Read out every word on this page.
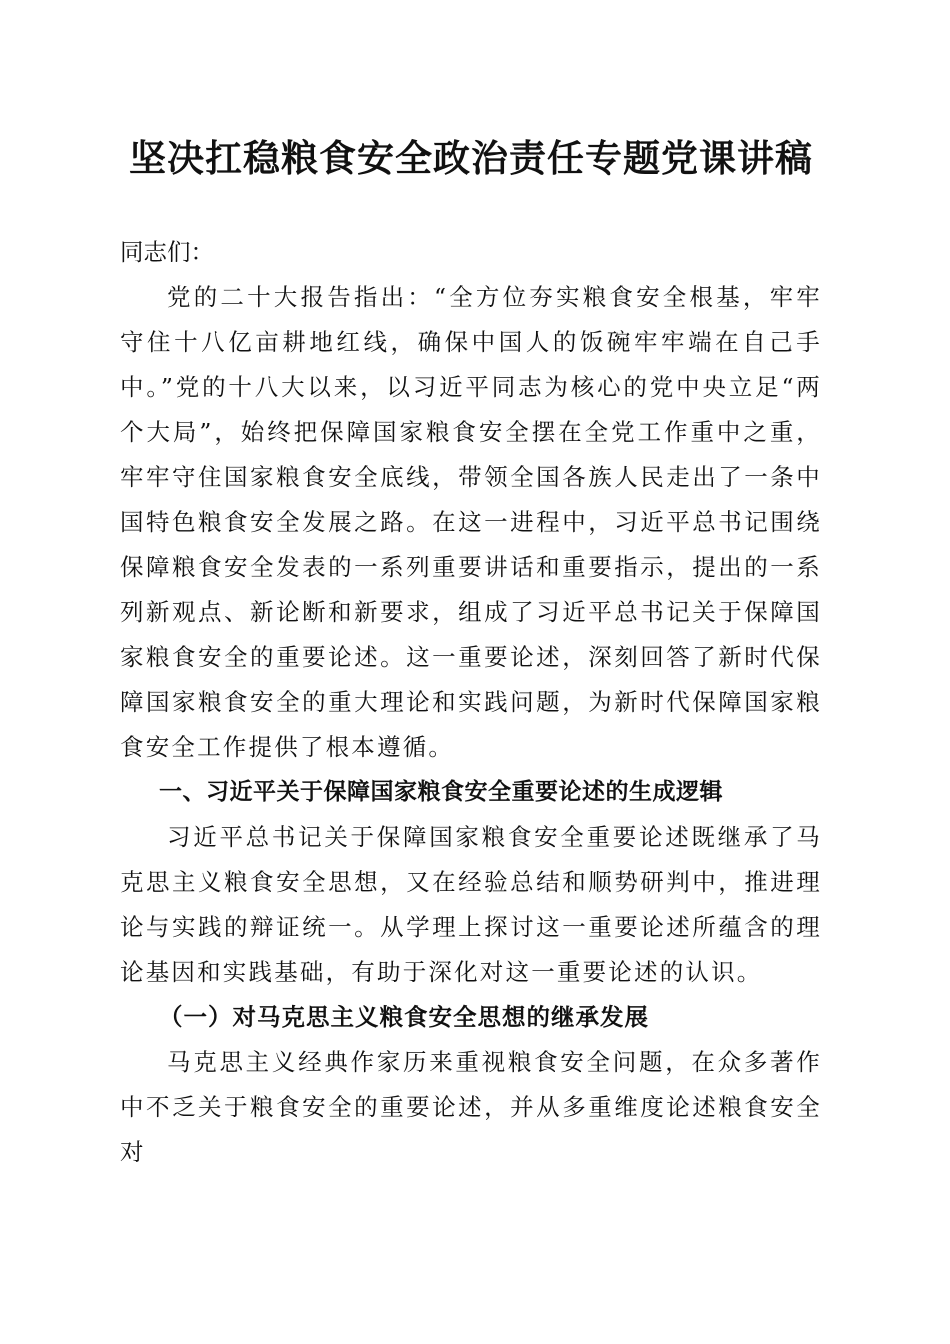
坚决扛稳粮食安全政治责任专题党课讲稿

同志们：

党的二十大报告指出：“全方位夯实粮食安全根基，牢牢守住十八亿亩耕地红线，确保中国人的饭碗牢牢端在自己手中。”党的十八大以来，以习近平同志为核心的党中央立足“两个大局”，始终把保障国家粮食安全摆在全党工作重中之重，牢牢守住国家粮食安全底线，带领全国各族人民走出了一条中国特色粮食安全发展之路。在这一进程中，习近平总书记围绕保障粮食安全发表的一系列重要讲话和重要指示，提出的一系列新观点、新论断和新要求，组成了习近平总书记关于保障国家粮食安全的重要论述。这一重要论述，深刻回答了新时代保障国家粮食安全的重大理论和实践问题，为新时代保障国家粮食安全工作提供了根本遵循。

一、习近平关于保障国家粮食安全重要论述的生成逻辑

习近平总书记关于保障国家粮食安全重要论述既继承了马克思主义粮食安全思想，又在经验总结和顺势研判中，推进理论与实践的辩证统一。从学理上探讨这一重要论述所蕴含的理论基因和实践基础，有助于深化对这一重要论述的认识。

（一）对马克思主义粮食安全思想的继承发展

马克思主义经典作家历来重视粮食安全问题，在众多著作中不乏关于粮食安全的重要论述，并从多重维度论述粮食安全对
